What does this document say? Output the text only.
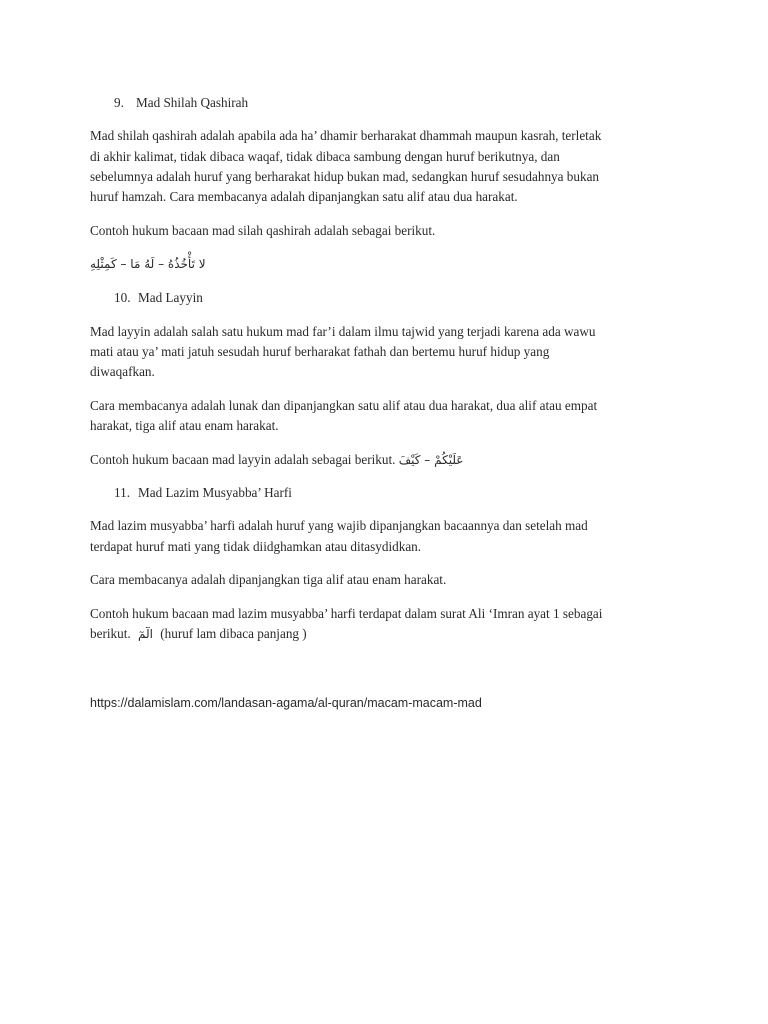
9. Mad Shilah Qashirah
Mad shilah qashirah adalah apabila ada ha’ dhamir berharakat dhammah maupun kasrah, terletak
di akhir kalimat, tidak dibaca waqaf, tidak dibaca sambung dengan huruf berikutnya, dan
sebelumnya adalah huruf yang berharakat hidup bukan mad, sedangkan huruf sesudahnya bukan
huruf hamzah. Cara membacanya adalah dipanjangkan satu alif atau dua harakat.
Contoh hukum bacaan mad silah qashirah adalah sebagai berikut.
لا تَأْخُذُهُ – لَهُ مَا – كَمِثْلِهِ
10. Mad Layyin
Mad layyin adalah salah satu hukum mad far’i dalam ilmu tajwid yang terjadi karena ada wawu
mati atau ya’ mati jatuh sesudah huruf berharakat fathah dan bertemu huruf hidup yang
diwaqafkan.
Cara membacanya adalah lunak dan dipanjangkan satu alif atau dua harakat, dua alif atau empat
harakat, tiga alif atau enam harakat.
Contoh hukum bacaan mad layyin adalah sebagai berikut. عَلَيْكُمْ – كَيْفَ
11. Mad Lazim Musyabba’ Harfi
Mad lazim musyabba’ harfi adalah huruf yang wajib dipanjangkan bacaannya dan setelah mad
terdapat huruf mati yang tidak diidghamkan atau ditasydidkan.
Cara membacanya adalah dipanjangkan tiga alif atau enam harakat.
Contoh hukum bacaan mad lazim musyabba’ harfi terdapat dalam surat Ali ‘Imran ayat 1 sebagai
berikut. الٓمٓ (huruf lam dibaca panjang )
https://dalamislam.com/landasan-agama/al-quran/macam-macam-mad
